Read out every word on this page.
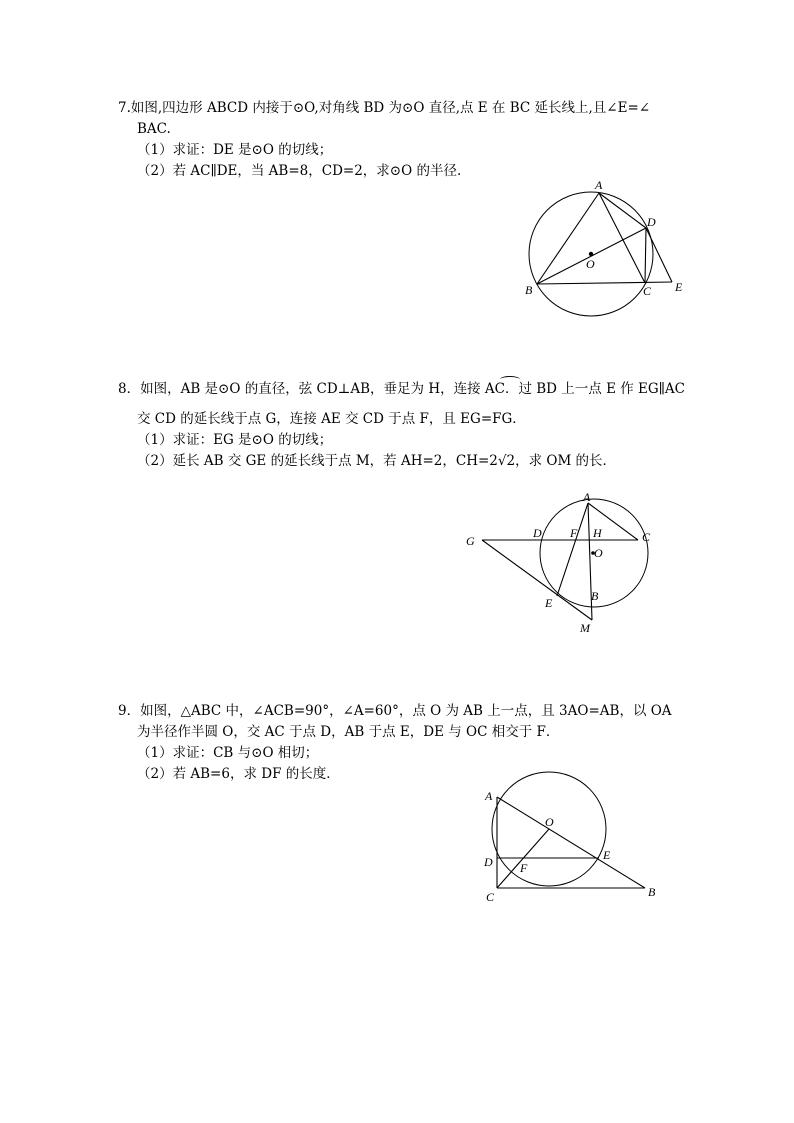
7.如图,四边形 ABCD 内接于⊙O,对角线 BD 为⊙O 直径,点 E 在 BC 延长线上,且∠E=∠
BAC.
（1）求证：DE 是⊙O 的切线；
（2）若 AC∥DE，当 AB=8，CD=2，求⊙O 的半径.
A
D
O
B	C E
8．如图，AB 是⊙O 的直径，弦 CD⊥AB，垂足为 H，连接 AC．过 BD 上一点 E 作 EG∥AC
交 CD 的延长线于点 G，连接 AE 交 CD 于点 F，且 EG=FG．
（1）求证：EG 是⊙O 的切线；
（2）延长 AB 交 GE 的延长线于点 M，若 AH=2，CH=2√2，求 OM 的长．
A
G
D F H	C
O
E	B
M
9．如图，△ABC 中，∠ACB=90°，∠A=60°，点 O 为 AB 上一点，且 3AO=AB，以 OA
为半径作半圆 O，交 AC 于点 D，AB 于点 E，DE 与 OC 相交于 F．
（1）求证：CB 与⊙O 相切；
（2）若 AB=6，求 DF 的长度．
A
O
E
D F
C	B
